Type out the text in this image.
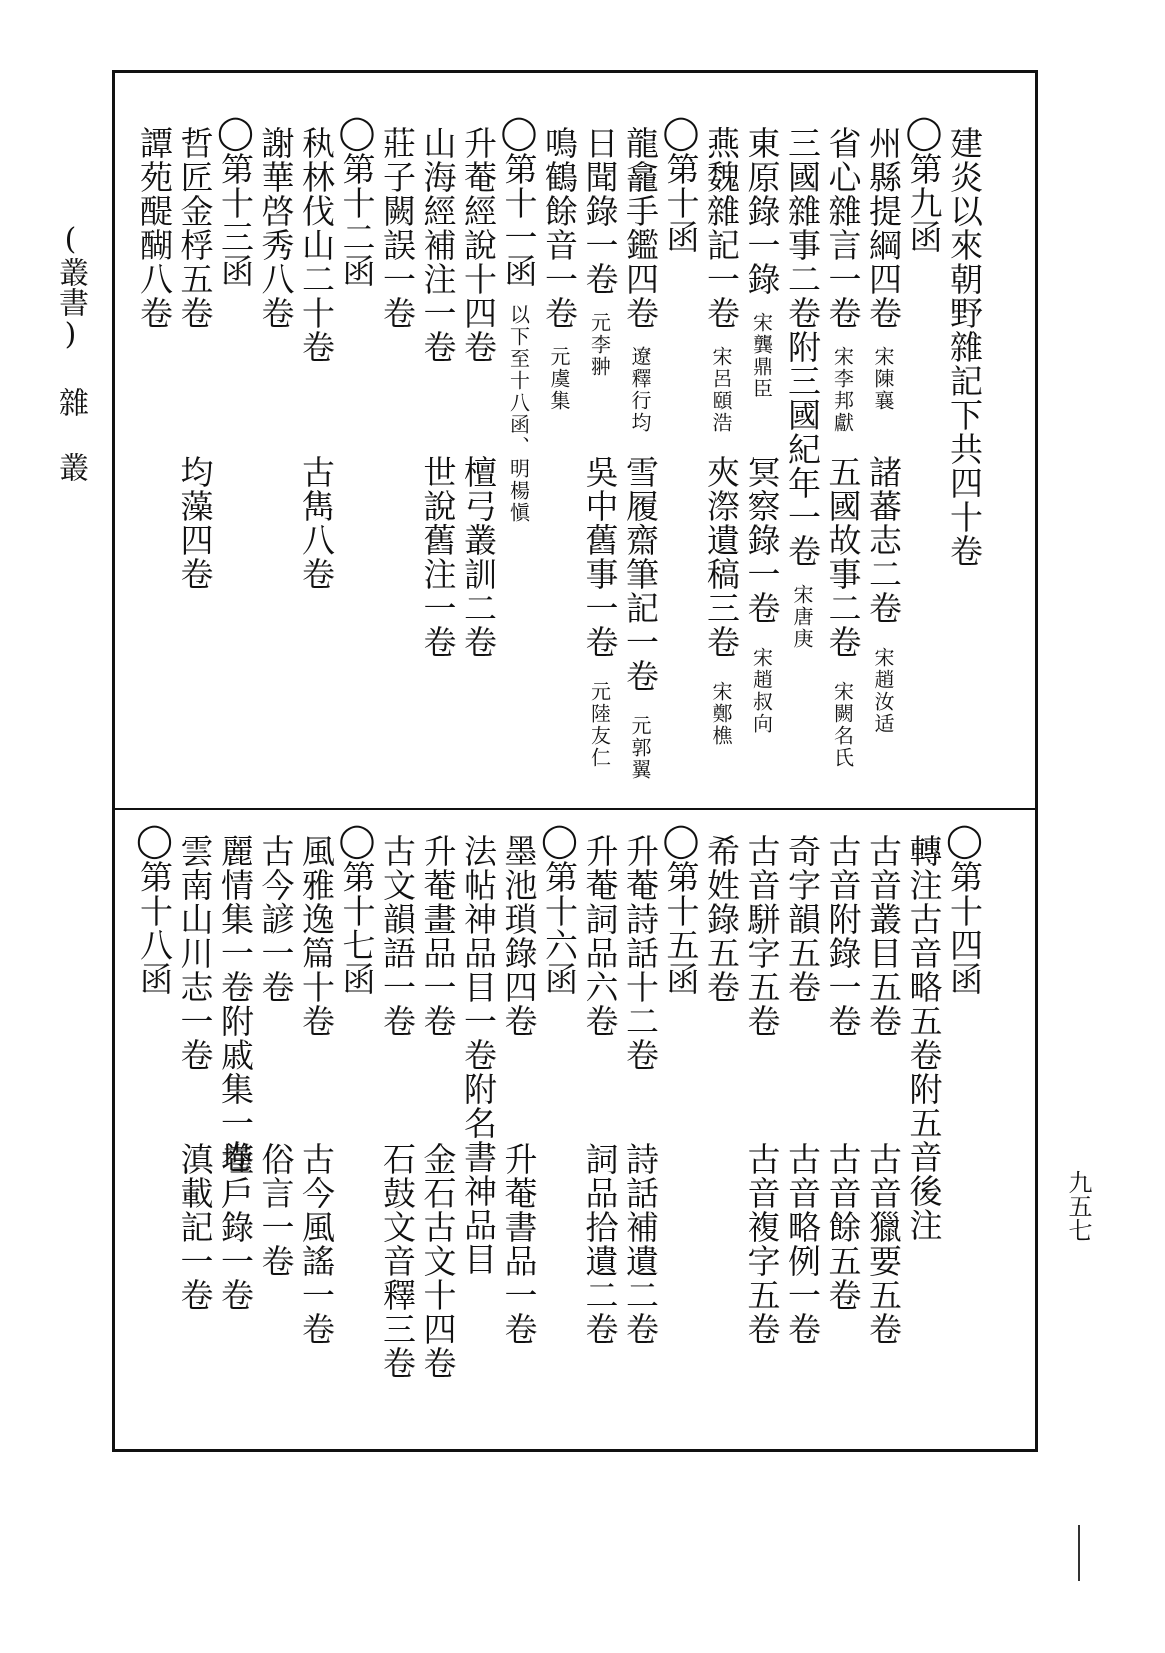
(叢書) 雜 叢
九五七
建炎以來朝野雜記下共四十卷
◯第九函
州縣提綱四卷宋陳襄
諸蕃志二卷宋趙汝适
省心雜言一卷宋李邦獻
五國故事二卷宋闕名氏
三國雜事二卷附三國紀年一卷宋唐庚
東原錄一錄宋龔鼎臣
冥察錄一卷宋趙叔向
燕魏雜記一卷宋呂頤浩
夾漈遺稿三卷宋鄭樵
◯第十函
龍龕手鑑四卷遼釋行均
雪履齋筆記一卷元郭翼
日聞錄一卷元李翀
吳中舊事一卷元陸友仁
鳴鶴餘音一卷元虞集
◯第十一函以下至十八函、明楊愼
升菴經說十四卷
檀弓叢訓二卷
山海經補注一卷
世說舊注一卷
莊子闕誤一卷
◯第十二函
秇林伐山二十卷
古雋八卷
謝華啓秀八卷
◯第十三函
哲匠金桴五卷
均藻四卷
譚苑醍醐八卷
◯第十四函
轉注古音略五卷附五音後注
古音叢目五卷
古音獵要五卷
古音附錄一卷
古音餘五卷
奇字韻五卷
古音略例一卷
古音駢字五卷
古音複字五卷
希姓錄五卷
◯第十五函
升菴詩話十二卷
詩話補遺二卷
升菴詞品六卷
詞品拾遺二卷
◯第十六函
墨池瑣錄四卷
升菴書品一卷
法帖神品目一卷附名書神品目
升菴畫品一卷
金石古文十四卷
古文韻語一卷
石鼓文音釋三卷
◯第十七函
風雅逸篇十卷
古今風謠一卷
古今諺一卷
俗言一卷
麗情集一卷附戚集一卷
墐戶錄一卷
雲南山川志一卷
滇載記一卷
◯第十八函
